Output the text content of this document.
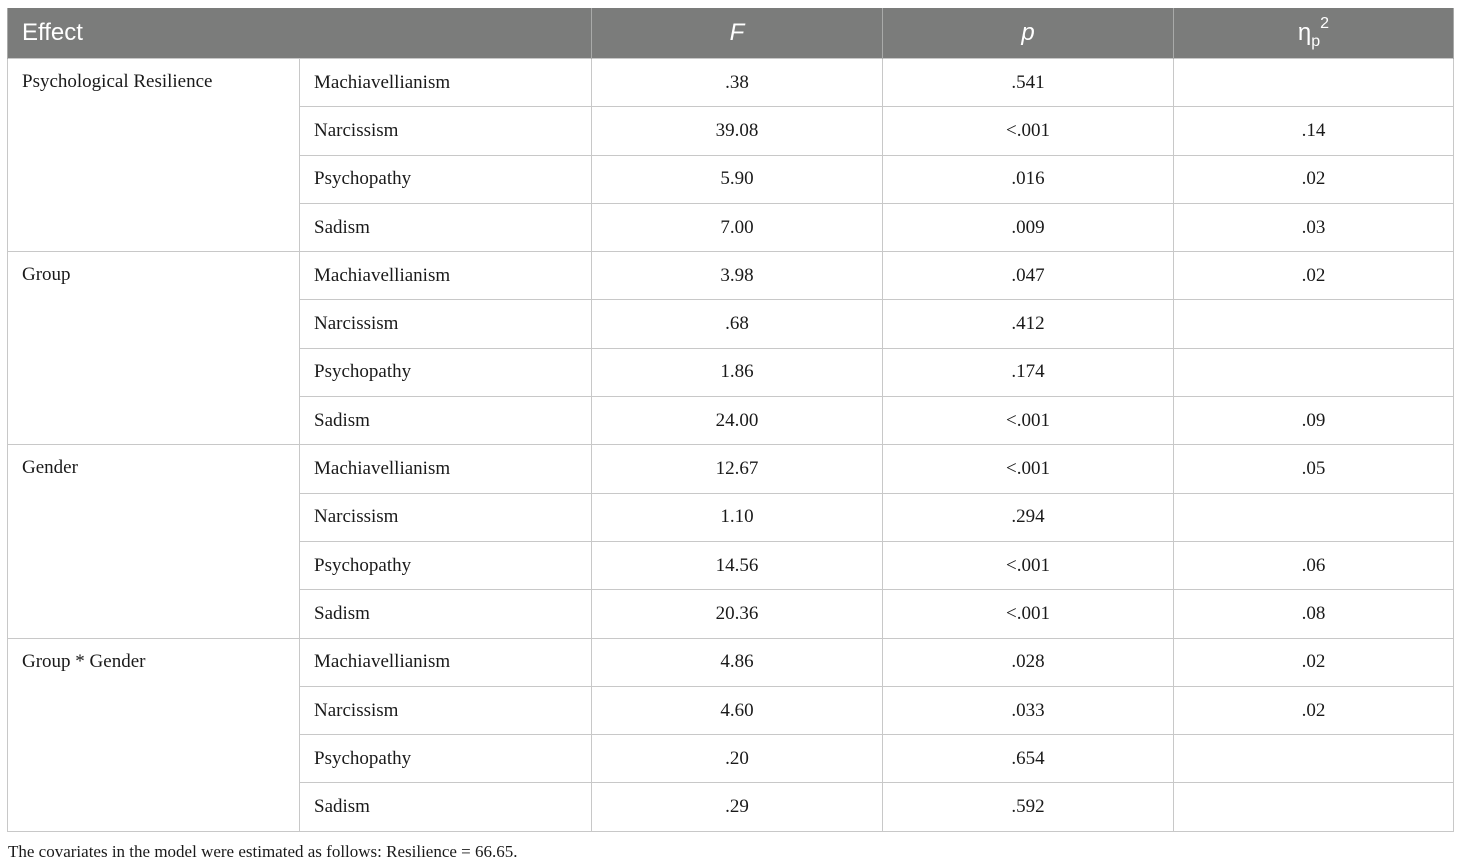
Effect		F	p	$\eta_p^2$
Psychological Resilience	Machiavellianism	.38	.541	
	Narcissism	39.08	<.001	.14
	Psychopathy	5.90	.016	.02
	Sadism	7.00	.009	.03
Group	Machiavellianism	3.98	.047	.02
	Narcissism	.68	.412	
	Psychopathy	1.86	.174	
	Sadism	24.00	<.001	.09
Gender	Machiavellianism	12.67	<.001	.05
	Narcissism	1.10	.294	
	Psychopathy	14.56	<.001	.06
	Sadism	20.36	<.001	.08
Group * Gender	Machiavellianism	4.86	.028	.02
	Narcissism	4.60	.033	.02
	Psychopathy	.20	.654	
	Sadism	.29	.592	
The covariates in the model were estimated as follows: Resilience = 66.65.
